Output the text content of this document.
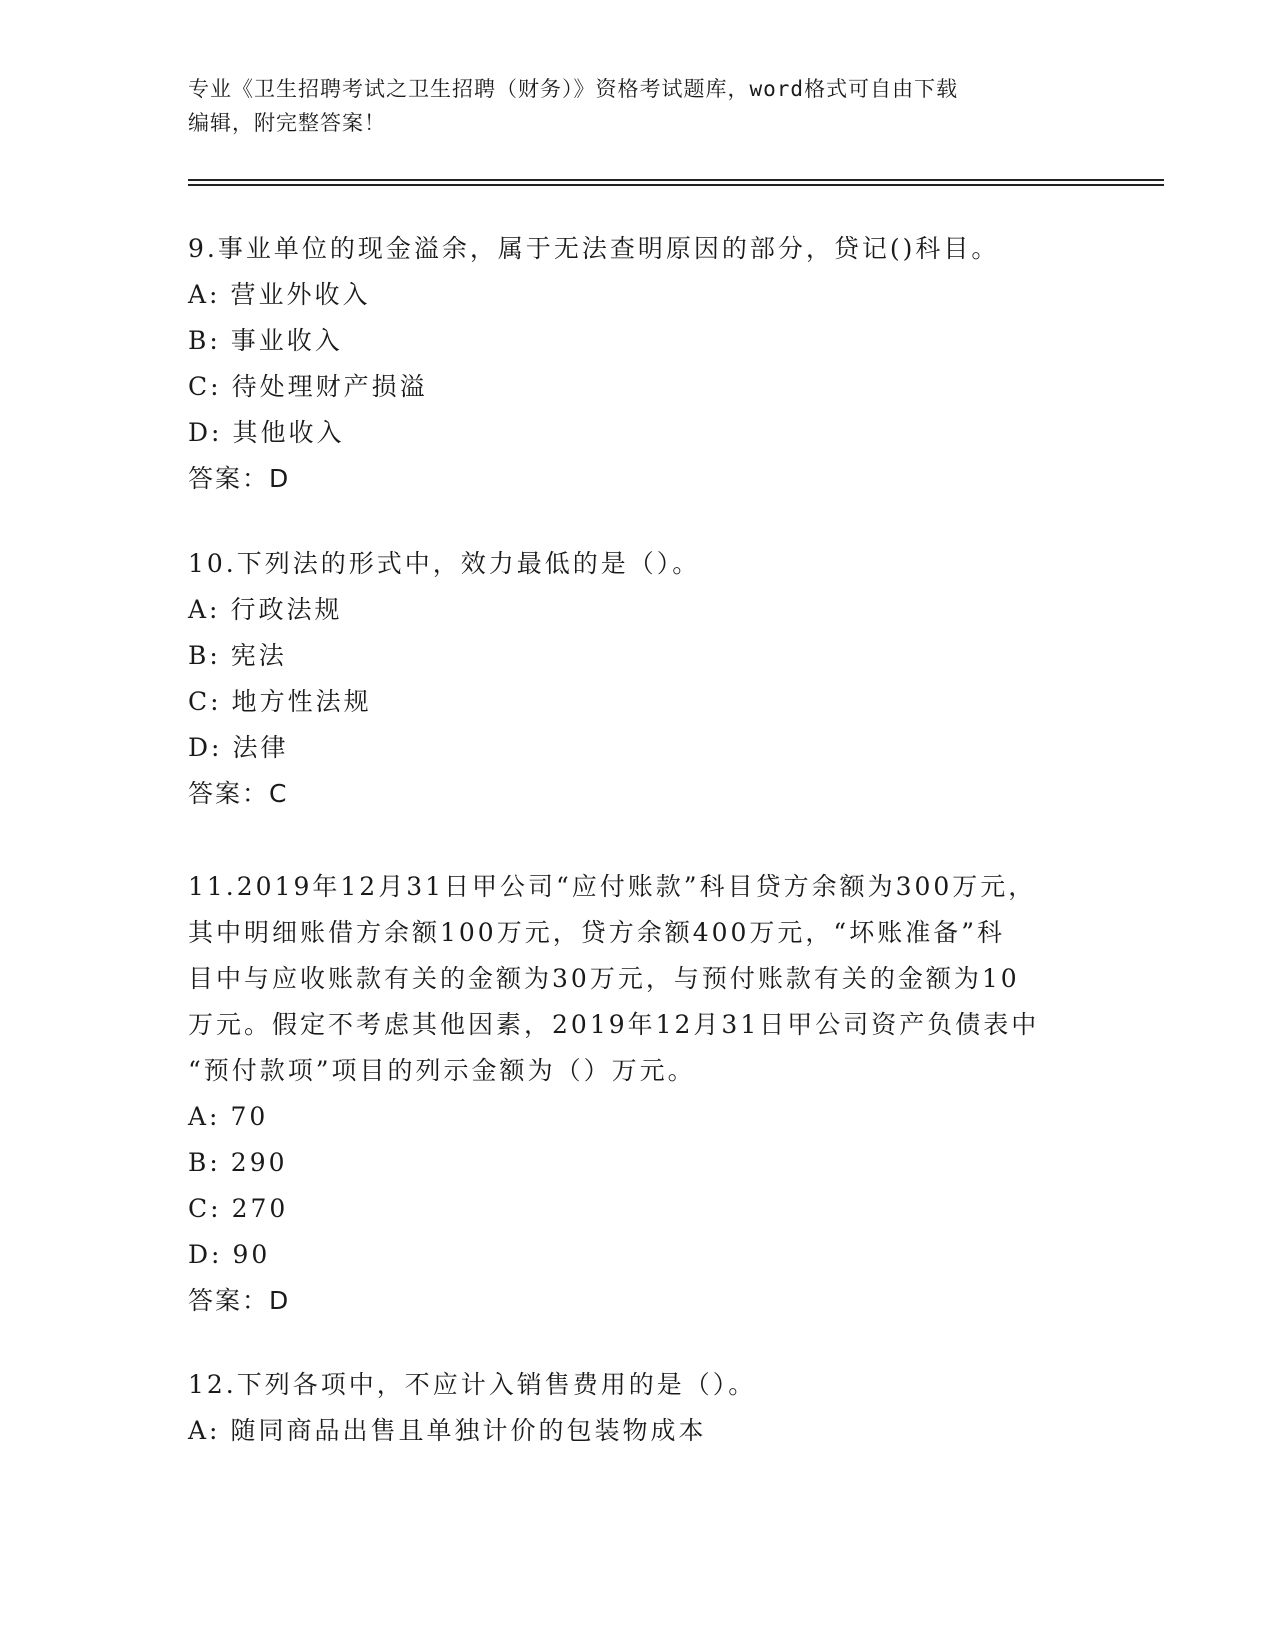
专业《卫生招聘考试之卫生招聘（财务）》资格考试题库，word格式可自由下载
编辑，附完整答案！
9.事业单位的现金溢余，属于无法查明原因的部分，贷记()科目。
A: 营业外收入
B: 事业收入
C: 待处理财产损溢
D: 其他收入
答案：D
10.下列法的形式中，效力最低的是（）。
A: 行政法规
B: 宪法
C: 地方性法规
D: 法律
答案：C
11.2019年12月31日甲公司“应付账款”科目贷方余额为300万元，
其中明细账借方余额100万元，贷方余额400万元，“坏账准备”科
目中与应收账款有关的金额为30万元，与预付账款有关的金额为10
万元。假定不考虑其他因素，2019年12月31日甲公司资产负债表中
“预付款项”项目的列示金额为（）万元。
A: 70
B: 290
C: 270
D: 90
答案：D
12.下列各项中，不应计入销售费用的是（）。
A: 随同商品出售且单独计价的包装物成本
